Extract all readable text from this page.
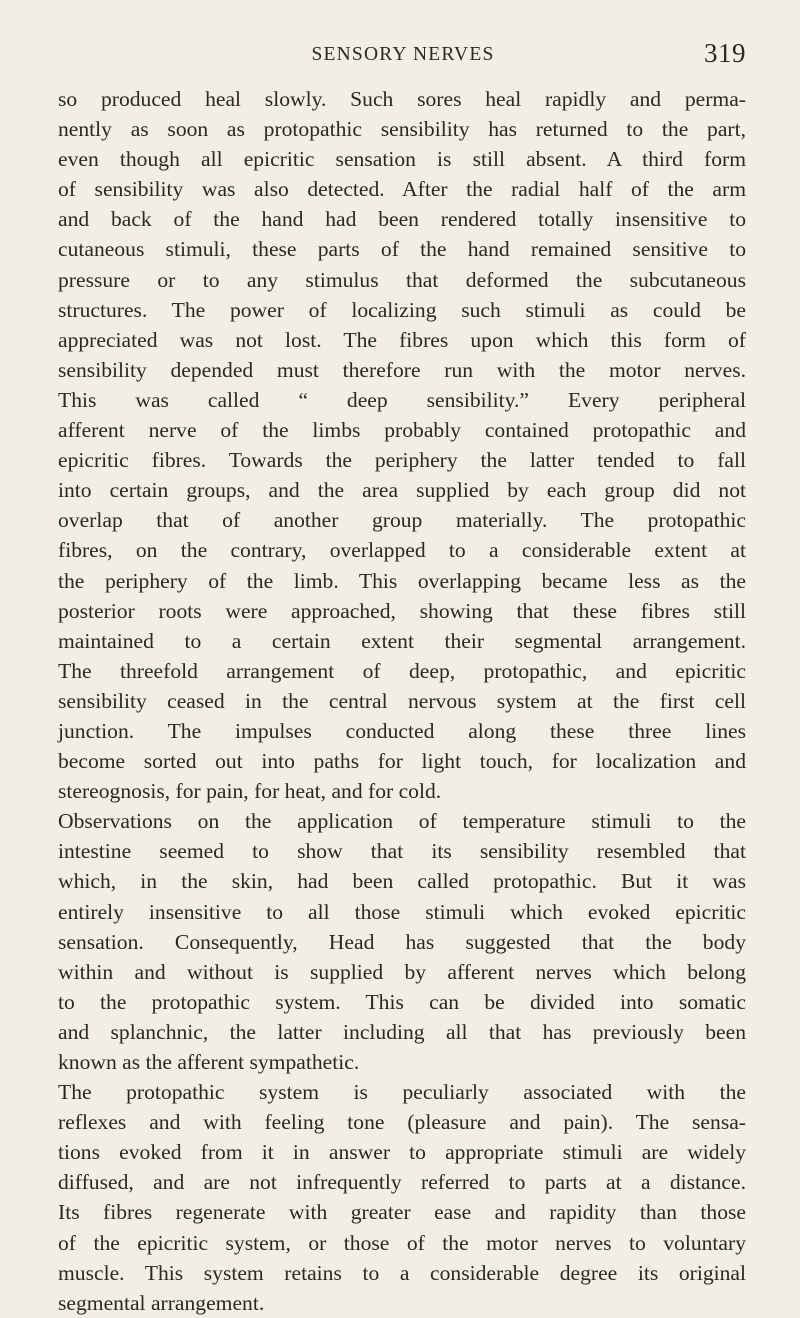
SENSORY NERVES	319
so produced heal slowly. Such sores heal rapidly and perma-
nently as soon as protopathic sensibility has returned to the part,
even though all epicritic sensation is still absent. A third form
of sensibility was also detected. After the radial half of the arm
and back of the hand had been rendered totally insensitive to
cutaneous stimuli, these parts of the hand remained sensitive to
pressure or to any stimulus that deformed the subcutaneous
structures. The power of localizing such stimuli as could be
appreciated was not lost. The fibres upon which this form of
sensibility depended must therefore run with the motor nerves.
This was called “ deep sensibility.” Every peripheral
afferent nerve of the limbs probably contained protopathic and
epicritic fibres. Towards the periphery the latter tended to fall
into certain groups, and the area supplied by each group did not
overlap that of another group materially. The protopathic
fibres, on the contrary, overlapped to a considerable extent at
the periphery of the limb. This overlapping became less as the
posterior roots were approached, showing that these fibres still
maintained to a certain extent their segmental arrangement.
The threefold arrangement of deep, protopathic, and epicritic
sensibility ceased in the central nervous system at the first cell
junction. The impulses conducted along these three lines
become sorted out into paths for light touch, for localization and
stereognosis, for pain, for heat, and for cold.
Observations on the application of temperature stimuli to the
intestine seemed to show that its sensibility resembled that
which, in the skin, had been called protopathic. But it was
entirely insensitive to all those stimuli which evoked epicritic
sensation. Consequently, Head has suggested that the body
within and without is supplied by afferent nerves which belong
to the protopathic system. This can be divided into somatic
and splanchnic, the latter including all that has previously been
known as the afferent sympathetic.
The protopathic system is peculiarly associated with the
reflexes and with feeling tone (pleasure and pain). The sensa-
tions evoked from it in answer to appropriate stimuli are widely
diffused, and are not infrequently referred to parts at a distance.
Its fibres regenerate with greater ease and rapidity than those
of the epicritic system, or those of the motor nerves to voluntary
muscle. This system retains to a considerable degree its original
segmental arrangement.
